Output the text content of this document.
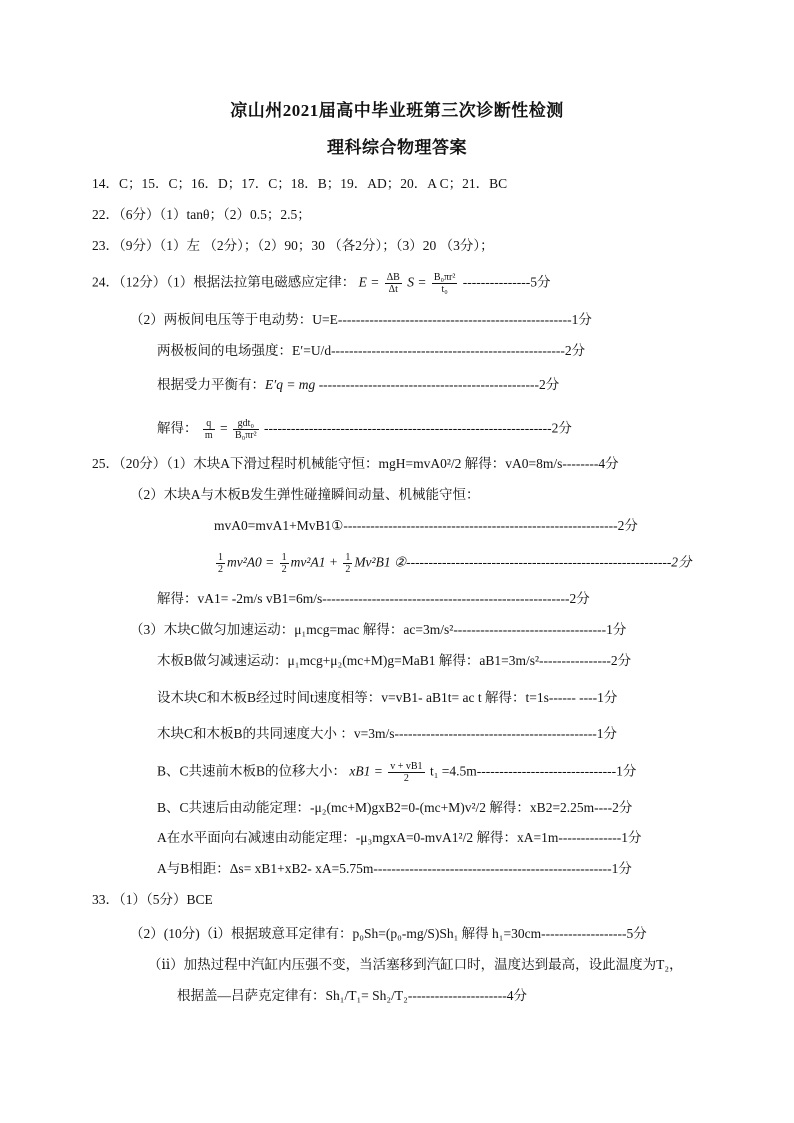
凉山州2021届高中毕业班第三次诊断性检测
理科综合物理答案
14．C；15．C；16．D；17．C；18．B；19．AD；20．A C；21．BC
22．（6分）（1）tanθ；（2）0.5；2.5；
23．（9分）（1）左 （2分）；（2）90；30 （各2分）；（3）20 （3分）；
24．（12分）（1）根据法拉第电磁感应定律： $E = \frac{\Delta B}{\Delta t}$ $S = \frac{\text{B₀πr²}}{\text{t₀}} ---------------5$分
（2）两板间电压等于电动势：U=E----------------------------------------------------1分
两极板间的电场强度：E′=U/d----------------------------------------------------2分
根据受力平衡有：E′q = mg -------------------------------------------------2分
解得： $\frac{q}{m} = \frac{\text{gdt₀}}{\text{B₀πr²}} ----------------------------------------------------------------2$分
25．（20分）（1）木块A下滑过程时机械能守恒：mgH=mvA0²/2 解得：vA0=8m/s--------4分
（2）木块A与木板B发生弹性碰撞瞬间动量、机械能守恒：
mvA0=mvA1+MvB1①-------------------------------------------------------------2分
$\frac{1}{2} mv^2A0 = \frac{1}{2} mv^2A1 + \frac{1}{2} Mv^2B1$ ②-----------------------------------------------------------2分
解得：vA1= -2m/s vB1=6m/s-------------------------------------------------------2分
（3）木块C做匀加速运动：μ₁mcg=mac 解得：ac=3m/s²----------------------------------1分
木板B做匀减速运动：μ₁mcg+μ₂(mc+M)g=MaB1 解得：aB1=3m/s²----------------2分
设木块C和木板B经过时间t速度相等：v=vB1- aB1t= ac t 解得：t=1s------ ----1分
木块C和木板B的共同速度大小 ：v=3m/s---------------------------------------------1分
B、C共速前木板B的位移大小： $xB1 = \frac{v + vB1}{2} t_1 =4.5m-------------------------------1$分
B、C共速后由动能定理：-μ₂(mc+M)gxB2=0-(mc+M)v²/2 解得：xB2=2.25m----2分
A在水平面向右减速由动能定理：-μ₃mgxA=0-mvA1²/2 解得：xA=1m--------------1分
A与B相距：Δs= xB1+xB2- xA=5.75m-----------------------------------------------------1分
33．（1）（5分）BCE
（2）(10分)（ⅰ）根据玻意耳定律有：p₀Sh=(p₀-mg/S)Sh₁ 解得 h₁=30cm-------------------5分
（ⅱ）加热过程中汽缸内压强不变，当活塞移到汽缸口时，温度达到最高，设此温度为T₂，
根据盖—吕萨克定律有：Sh₁/T₁= Sh₂/T₂----------------------4分
